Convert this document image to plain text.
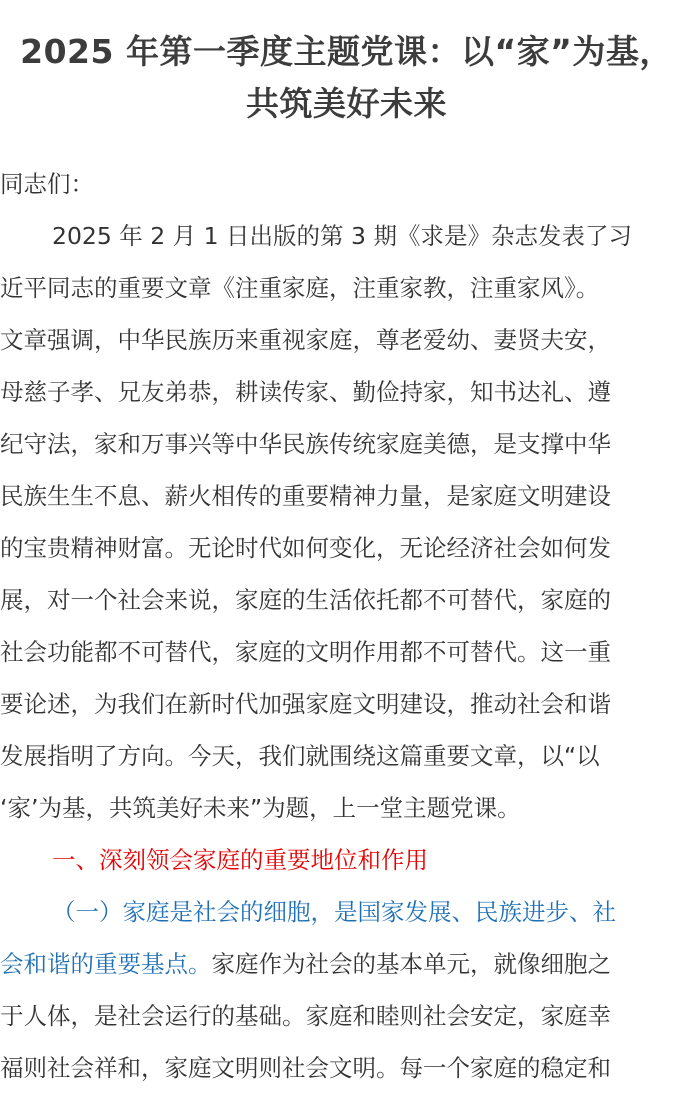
2025 年第一季度主题党课：以“家”为基，
共筑美好未来
同志们：
2025 年 2 月 1 日出版的第 3 期《求是》杂志发表了习
近平同志的重要文章《注重家庭，注重家教，注重家风》。
文章强调，中华民族历来重视家庭，尊老爱幼、妻贤夫安，
母慈子孝、兄友弟恭，耕读传家、勤俭持家，知书达礼、遵
纪守法，家和万事兴等中华民族传统家庭美德，是支撑中华
民族生生不息、薪火相传的重要精神力量，是家庭文明建设
的宝贵精神财富。无论时代如何变化，无论经济社会如何发
展，对一个社会来说，家庭的生活依托都不可替代，家庭的
社会功能都不可替代，家庭的文明作用都不可替代。这一重
要论述，为我们在新时代加强家庭文明建设，推动社会和谐
发展指明了方向。今天，我们就围绕这篇重要文章，以“以
‘家’为基，共筑美好未来”为题，上一堂主题党课。
一、深刻领会家庭的重要地位和作用
（一）家庭是社会的细胞，是国家发展、民族进步、社
会和谐的重要基点。家庭作为社会的基本单元，就像细胞之
于人体，是社会运行的基础。家庭和睦则社会安定，家庭幸
福则社会祥和，家庭文明则社会文明。每一个家庭的稳定和
